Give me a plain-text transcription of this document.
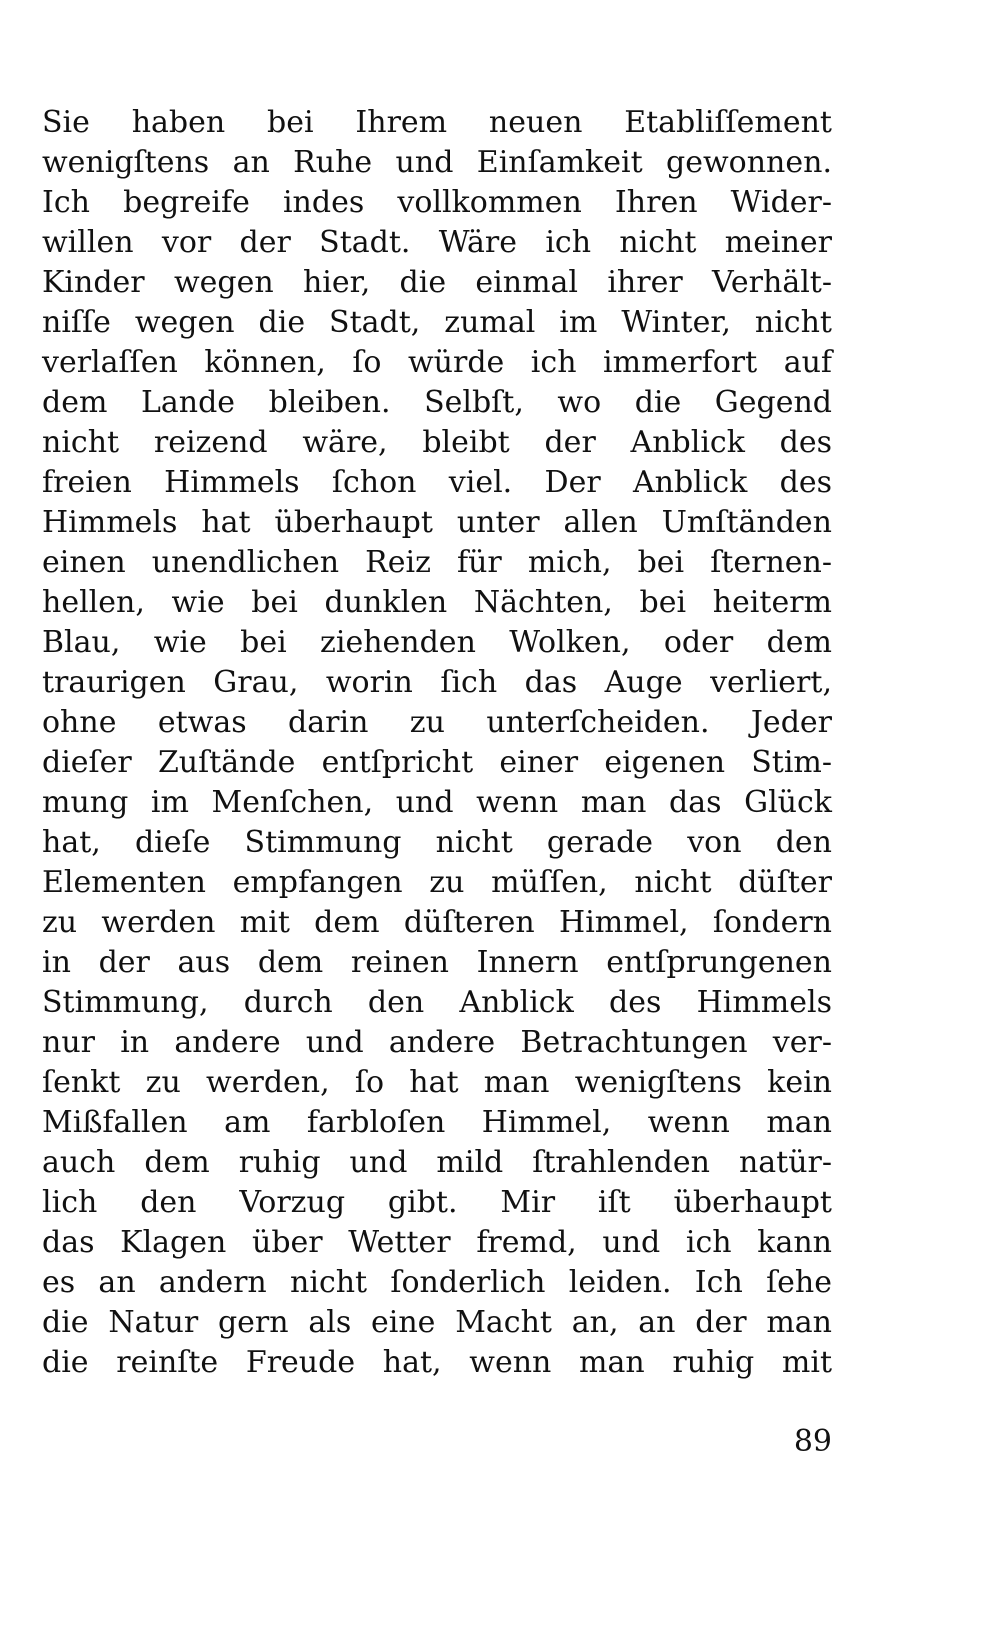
Sie haben bei Ihrem neuen Etabliſſement
wenigſtens an Ruhe und Einſamkeit gewonnen.
Ich begreife indes vollkommen Ihren Wider-
willen vor der Stadt. Wäre ich nicht meiner
Kinder wegen hier, die einmal ihrer Verhält-
niſſe wegen die Stadt, zumal im Winter, nicht
verlaſſen können, ſo würde ich immerfort auf
dem Lande bleiben. Selbſt, wo die Gegend
nicht reizend wäre, bleibt der Anblick des
freien Himmels ſchon viel. Der Anblick des
Himmels hat überhaupt unter allen Umſtänden
einen unendlichen Reiz für mich, bei ſternen-
hellen, wie bei dunklen Nächten, bei heiterm
Blau, wie bei ziehenden Wolken, oder dem
traurigen Grau, worin ſich das Auge verliert,
ohne etwas darin zu unterſcheiden. Jeder
dieſer Zuſtände entſpricht einer eigenen Stim-
mung im Menſchen, und wenn man das Glück
hat, dieſe Stimmung nicht gerade von den
Elementen empfangen zu müſſen, nicht düſter
zu werden mit dem düſteren Himmel, ſondern
in der aus dem reinen Innern entſprungenen
Stimmung, durch den Anblick des Himmels
nur in andere und andere Betrachtungen ver-
ſenkt zu werden, ſo hat man wenigſtens kein
Mißfallen am farbloſen Himmel, wenn man
auch dem ruhig und mild ſtrahlenden natür-
lich den Vorzug gibt. Mir iſt überhaupt
das Klagen über Wetter fremd, und ich kann
es an andern nicht ſonderlich leiden. Ich ſehe
die Natur gern als eine Macht an, an der man
die reinſte Freude hat, wenn man ruhig mit
89
